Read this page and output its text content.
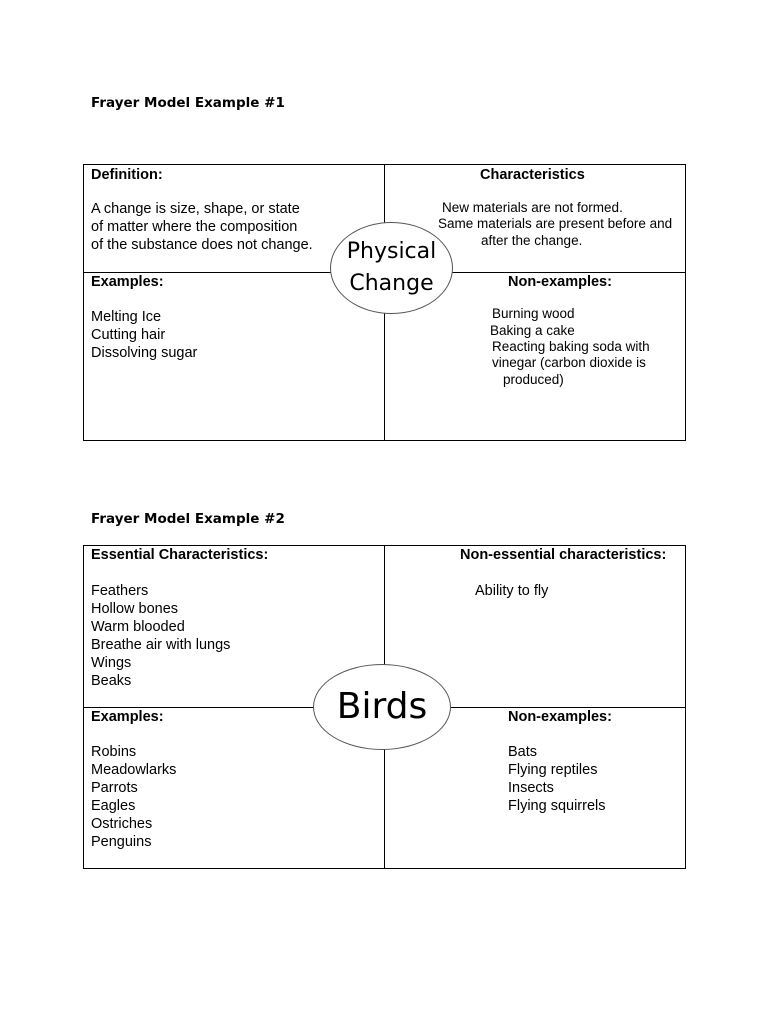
Frayer Model Example #1
Definition:
A change is size, shape, or state
of matter where the composition
of the substance does not change.
Characteristics
New materials are not formed.
Same materials are present before and
after the change.
Examples:
Melting Ice
Cutting hair
Dissolving sugar
Non-examples:
Burning wood
Baking a cake
Reacting baking soda with
vinegar (carbon dioxide is
produced)
Physical
Change
Frayer Model Example #2
Essential Characteristics:
Feathers
Hollow bones
Warm blooded
Breathe air with lungs
Wings
Beaks
Non-essential characteristics:
Ability to fly
Examples:
Robins
Meadowlarks
Parrots
Eagles
Ostriches
Penguins
Non-examples:
Bats
Flying reptiles
Insects
Flying squirrels
Birds
